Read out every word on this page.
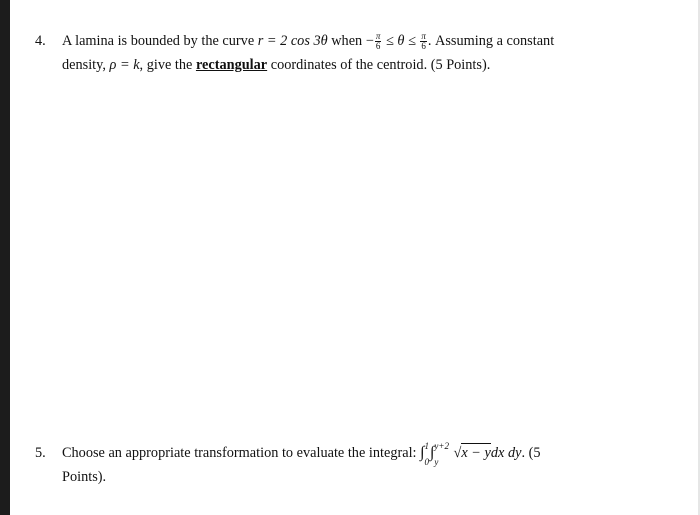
4. A lamina is bounded by the curve r = 2 cos 3θ when − $\frac{\pi}{6} \le \theta \le \frac{\pi}{6}$ . Assuming a constant
density, ρ = k, give the rectangular coordinates of the centroid. (5 Points).
5. Choose an appropriate transformation to evaluate the integral: ∫ 1
0
∫ y+2
y
√x − ydx dy. (5
Points).
